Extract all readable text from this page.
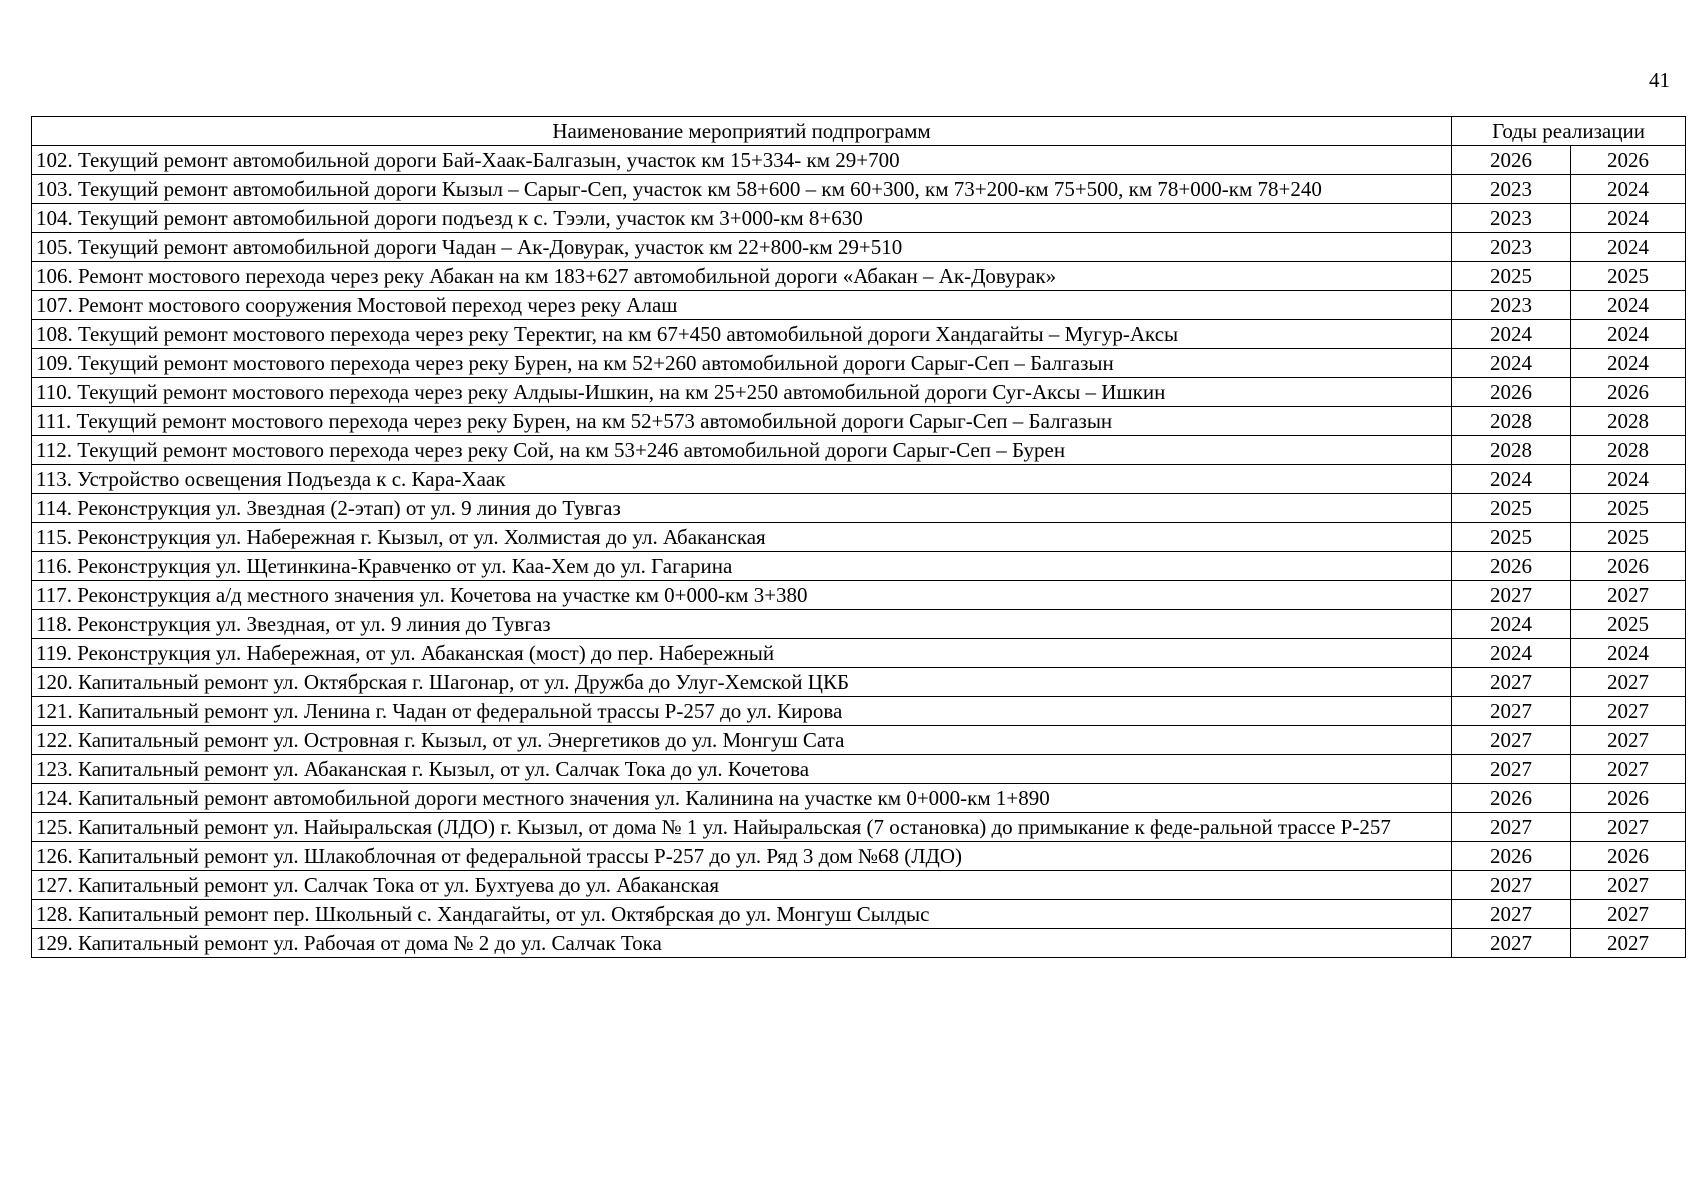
41
Наименование мероприятий подпрограмм	Годы реализации	
102. Текущий ремонт автомобильной дороги Бай-Хаак-Балгазын, участок км 15+334- км 29+700	2026	2026
103. Текущий ремонт автомобильной дороги Кызыл – Сарыг-Сеп, участок км 58+600 – км 60+300, км 73+200-км 75+500, км 78+000-км 78+240	2023	2024
104. Текущий ремонт автомобильной дороги подъезд к с. Тээли, участок км 3+000-км 8+630	2023	2024
105. Текущий ремонт автомобильной дороги Чадан – Ак-Довурак, участок км 22+800-км 29+510	2023	2024
106. Ремонт мостового перехода через реку Абакан на км 183+627 автомобильной дороги «Абакан – Ак-Довурак»	2025	2025
107. Ремонт мостового сооружения Мостовой переход через реку Алаш	2023	2024
108. Текущий ремонт мостового перехода через реку Теректиг, на км 67+450 автомобильной дороги Хандагайты – Мугур-Аксы	2024	2024
109. Текущий ремонт мостового перехода через реку Бурен, на км 52+260 автомобильной дороги Сарыг-Сеп – Балгазын	2024	2024
110. Текущий ремонт мостового перехода через реку Алдыы-Ишкин, на км 25+250 автомобильной дороги Суг-Аксы – Ишкин	2026	2026
111. Текущий ремонт мостового перехода через реку Бурен, на км 52+573 автомобильной дороги Сарыг-Сеп – Балгазын	2028	2028
112. Текущий ремонт мостового перехода через реку Сой, на км 53+246 автомобильной дороги Сарыг-Сеп – Бурен	2028	2028
113. Устройство освещения Подъезда к с. Кара-Хаак	2024	2024
114. Реконструкция ул. Звездная (2-этап) от ул. 9 линия до Тувгаз	2025	2025
115. Реконструкция ул. Набережная г. Кызыл, от ул. Холмистая до ул. Абаканская	2025	2025
116. Реконструкция ул. Щетинкина-Кравченко от ул. Каа-Хем до ул. Гагарина	2026	2026
117. Реконструкция а/д местного значения ул. Кочетова на участке км 0+000-км 3+380	2027	2027
118. Реконструкция ул. Звездная, от ул. 9 линия до Тувгаз	2024	2025
119. Реконструкция ул. Набережная, от ул. Абаканская (мост) до пер. Набережный	2024	2024
120. Капитальный ремонт ул. Октябрская г. Шагонар, от ул. Дружба до Улуг-Хемской ЦКБ	2027	2027
121. Капитальный ремонт ул. Ленина г. Чадан от федеральной трассы Р-257 до ул. Кирова	2027	2027
122. Капитальный ремонт ул. Островная г. Кызыл, от ул. Энергетиков до ул. Монгуш Сата	2027	2027
123. Капитальный ремонт ул. Абаканская г. Кызыл, от ул. Салчак Тока до ул. Кочетова	2027	2027
124. Капитальный ремонт автомобильной дороги местного значения ул. Калинина на участке км 0+000-км 1+890	2026	2026
125. Капитальный ремонт ул. Найыральская (ЛДО) г. Кызыл, от дома № 1 ул. Найыральская (7 остановка) до примыкание к феде-ральной трассе Р-257	2027	2027
126. Капитальный ремонт ул. Шлакоблочная от федеральной трассы Р-257 до ул. Ряд 3 дом №68 (ЛДО)	2026	2026
127. Капитальный ремонт ул. Салчак Тока от ул. Бухтуева до ул. Абаканская	2027	2027
128. Капитальный ремонт пер. Школьный с. Хандагайты, от ул. Октябрская до ул. Монгуш Сылдыс	2027	2027
129. Капитальный ремонт ул. Рабочая от дома № 2 до ул. Салчак Тока	2027	2027
